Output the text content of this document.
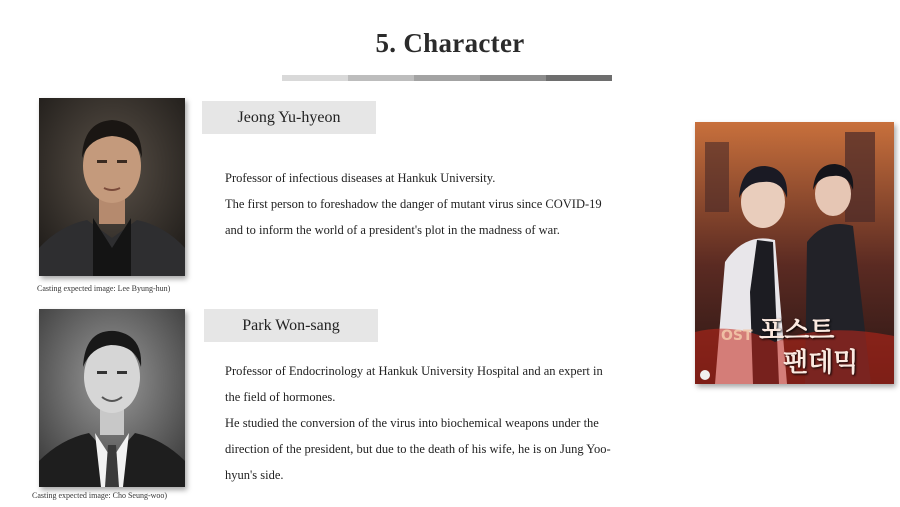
5. Character
Casting expected image: Lee Byung-hun)
Jeong Yu-hyeon

Professor of infectious diseases at Hankuk University.

The first person to foreshadow the danger of mutant virus since COVID-19

and to inform the world of a president's plot in the madness of war.

Casting expected image: Cho Seung-woo)
Park Won-sang

Professor of Endocrinology at Hankuk University Hospital and an expert in

the field of hormones.

He studied the conversion of the virus into biochemical weapons under the

direction of the president, but due to the death of his wife, he is on Jung Yoo-

hyun's side.

OST 포스트
팬데믹
